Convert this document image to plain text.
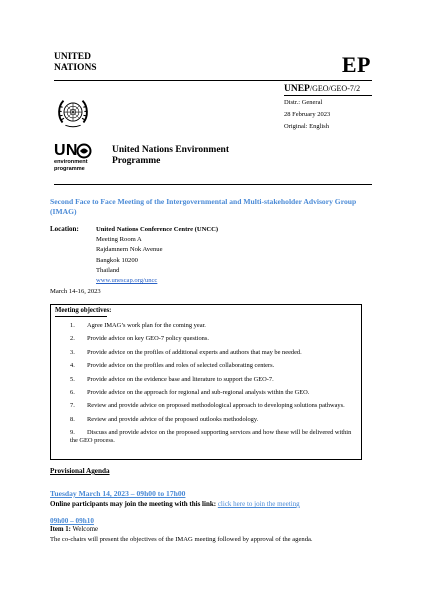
UNITED
NATIONS	EP
UNEP/GEO/GEO-7/2
Distr.: General
28 February 2023
Original: English
UN
environment
programme
United Nations Environment Programme
Second Face to Face Meeting of the Intergovernmental and Multi-stakeholder Advisory Group (IMAG)
Location:	United Nations Conference Centre (UNCC)
Meeting Room A
Rajdamnern Nok Avenue
Bangkok 10200
Thailand
www.unescap.org/uncc
March 14-16, 2023
Meeting objectives:
1. Agree IMAG’s work plan for the coming year.
2. Provide advice on key GEO-7 policy questions.
3. Provide advice on the profiles of additional experts and authors that may be needed.
4. Provide advice on the profiles and roles of selected collaborating centers.
5. Provide advice on the evidence base and literature to support the GEO-7.
6. Provide advice on the approach for regional and sub-regional analysis within the GEO.
7. Review and provide advice on proposed methodological approach to developing solutions pathways.
8. Review and provide advice of the proposed outlooks methodology.
9. Discuss and provide advice on the proposed supporting services and how these will be delivered within the GEO process.
Provisional Agenda
Tuesday March 14, 2023 – 09h00 to 17h00
Online participants may join the meeting with this link: click here to join the meeting
09h00 – 09h10
Item 1: Welcome
The co-chairs will present the objectives of the IMAG meeting followed by approval of the agenda.
